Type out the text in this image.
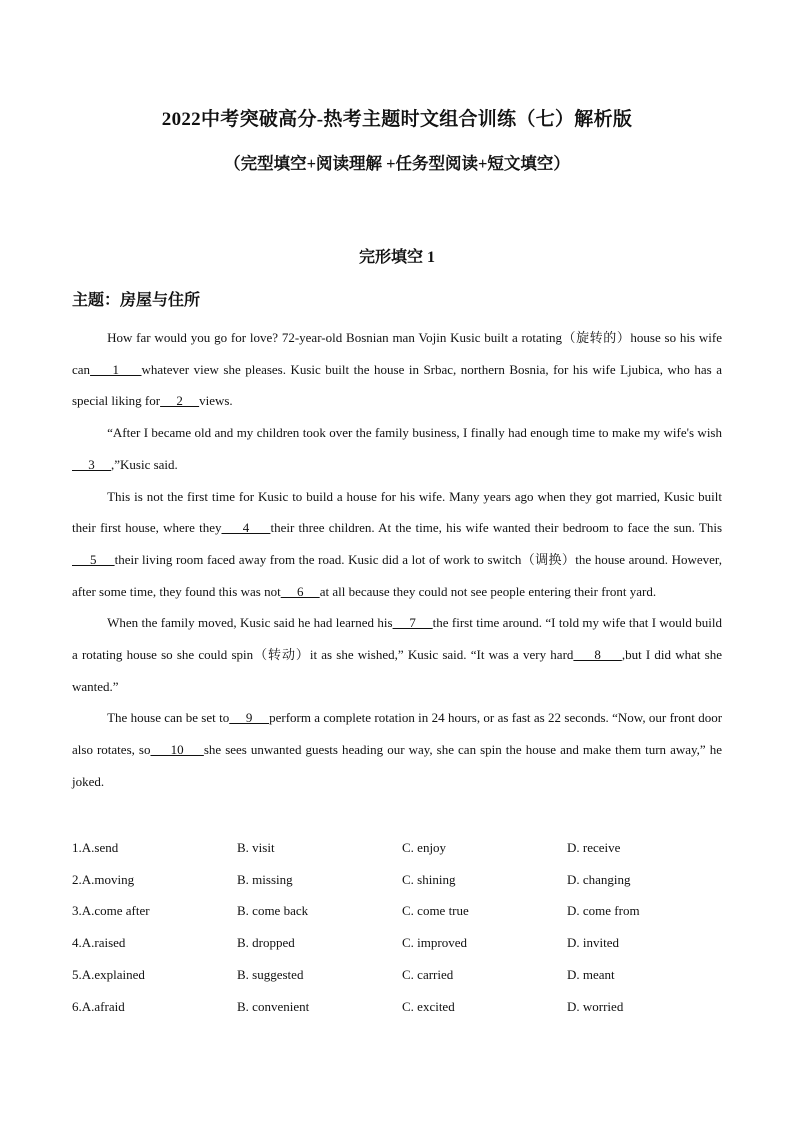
2022中考突破高分-热考主题时文组合训练（七）解析版
（完型填空+阅读理解 +任务型阅读+短文填空）
完形填空 1
主题：房屋与住所

How far would you go for love? 72-year-old Bosnian man Vojin Kusic built a rotating（旋转的）house so his wife can     1     whatever view she pleases. Kusic built the house in Srbac, northern Bosnia, for his wife Ljubica, who has a special liking for     2     views.

“After I became old and my children took over the family business, I finally had enough time to make my wife's wish     3     ,”Kusic said.

This is not the first time for Kusic to build a house for his wife. Many years ago when they got married, Kusic built their first house, where they     4     their three children. At the time, his wife wanted their bedroom to face the sun. This     5     their living room faced away from the road. Kusic did a lot of work to switch（调换）the house around. However, after some time, they found this was not     6     at all because they could not see people entering their front yard.

When the family moved, Kusic said he had learned his     7     the first time around. “I told my wife that I would build a rotating house so she could spin（转动）it as she wished,” Kusic said. “It was a very hard     8     ,but I did what she wanted.”

The house can be set to     9     perform a complete rotation in 24 hours, or as fast as 22 seconds. “Now, our front door also rotates, so     10     she sees unwanted guests heading our way, she can spin the house and make them turn away,” he joked.

1.A.send	B. visit	C. enjoy	D. receive
2.A.moving	B. missing	C. shining	D. changing
3.A.come after	B. come back	C. come true	D. come from
4.A.raised	B. dropped	C. improved	D. invited
5.A.explained	B. suggested	C. carried	D. meant
6.A.afraid	B. convenient	C. excited	D. worried
